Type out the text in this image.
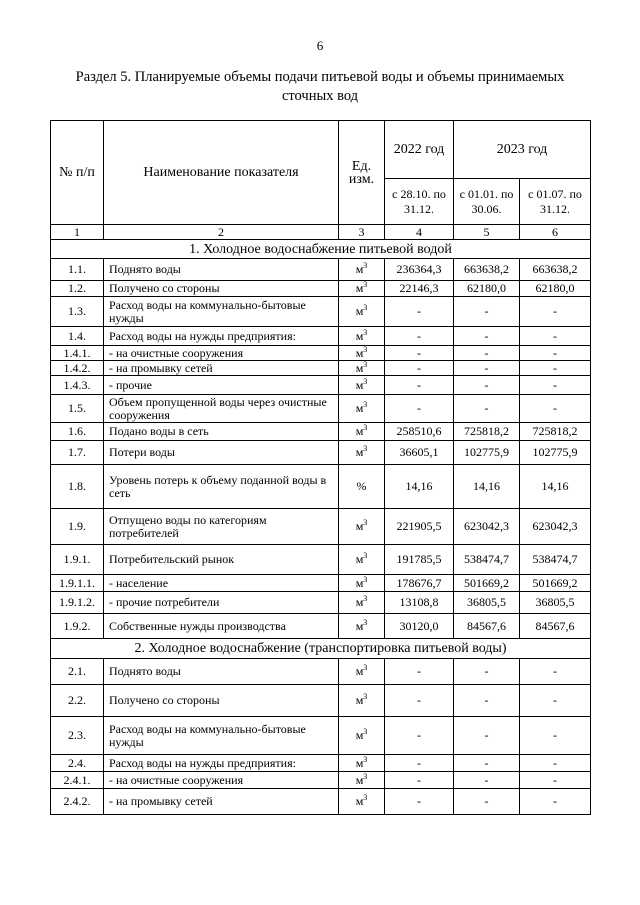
6
Раздел 5. Планируемые объемы подачи питьевой воды и объемы принимаемых сточных вод
№ п/п	Наименование показателя	Ед. изм.	2022 год	2023 год	
			с 28.10. по 31.12.	с 01.01. по 30.06.	с 01.07. по 31.12.
1	2	3	4	5	6
1. Холодное водоснабжение питьевой водой					
1.1.	Поднято воды	$м^3$	236364,3	663638,2	663638,2
1.2.	Получено со стороны	$м^3$	22146,3	62180,0	62180,0
1.3.	Расход воды на коммунально-бытовые нужды	$м^3$	-	-	-
1.4.	Расход воды на нужды предприятия:	$м^3$	-	-	-
1.4.1.	- на очистные сооружения	$м^3$	-	-	-
1.4.2.	- на промывку сетей	$м^3$	-	-	-
1.4.3.	- прочие	$м^3$	-	-	-
1.5.	Объем пропущенной воды через очистные сооружения	$м^3$	-	-	-
1.6.	Подано воды в сеть	$м^3$	258510,6	725818,2	725818,2
1.7.	Потери воды	$м^3$	36605,1	102775,9	102775,9
1.8.	Уровень потерь к объему поданной воды в сеть	%	14,16	14,16	14,16
1.9.	Отпущено воды по категориям потребителей	$м^3$	221905,5	623042,3	623042,3
1.9.1.	Потребительский рынок	$м^3$	191785,5	538474,7	538474,7
1.9.1.1.	- население	$м^3$	178676,7	501669,2	501669,2
1.9.1.2.	- прочие потребители	$м^3$	13108,8	36805,5	36805,5
1.9.2.	Собственные нужды производства	$м^3$	30120,0	84567,6	84567,6
2. Холодное водоснабжение (транспортировка питьевой воды)					
2.1.	Поднято воды	$м^3$	-	-	-
2.2.	Получено со стороны	$м^3$	-	-	-
2.3.	Расход воды на коммунально-бытовые нужды	$м^3$	-	-	-
2.4.	Расход воды на нужды предприятия:	$м^3$	-	-	-
2.4.1.	- на очистные сооружения	$м^3$	-	-	-
2.4.2.	- на промывку сетей	$м^3$	-	-	-
